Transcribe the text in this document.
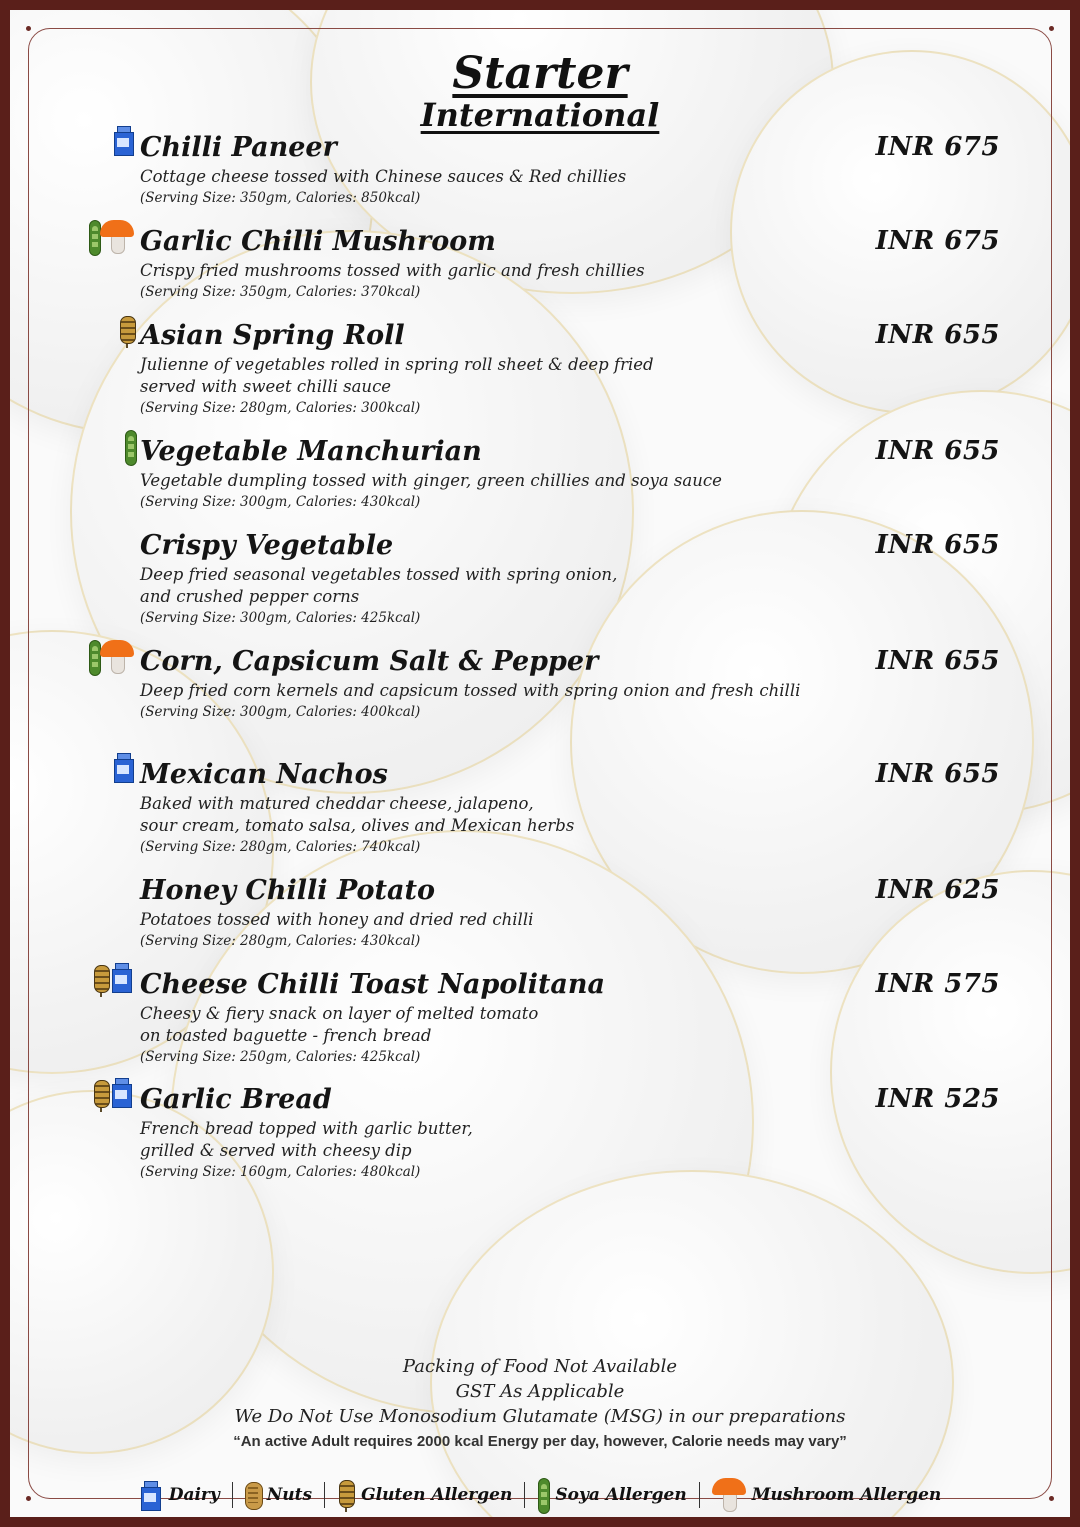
Starter
International
Chilli Paneer	INR 675
Cottage cheese tossed with Chinese sauces & Red chillies
(Serving Size: 350gm, Calories: 850kcal)
Garlic Chilli Mushroom	INR 675
Crispy fried mushrooms tossed with garlic and fresh chillies
(Serving Size: 350gm, Calories: 370kcal)
Asian Spring Roll	INR 655
Julienne of vegetables rolled in spring roll sheet & deep fried
served with sweet chilli sauce
(Serving Size: 280gm, Calories: 300kcal)
Vegetable Manchurian	INR 655
Vegetable dumpling tossed with ginger, green chillies and soya sauce
(Serving Size: 300gm, Calories: 430kcal)
Crispy Vegetable	INR 655
Deep fried seasonal vegetables tossed with spring onion,
and crushed pepper corns
(Serving Size: 300gm, Calories: 425kcal)
Corn, Capsicum Salt & Pepper	INR 655
Deep fried corn kernels and capsicum tossed with spring onion and fresh chilli
(Serving Size: 300gm, Calories: 400kcal)
Mexican Nachos	INR 655
Baked with matured cheddar cheese, jalapeno,
sour cream, tomato salsa, olives and Mexican herbs
(Serving Size: 280gm, Calories: 740kcal)
Honey Chilli Potato	INR 625
Potatoes tossed with honey and dried red chilli
(Serving Size: 280gm, Calories: 430kcal)
Cheese Chilli Toast Napolitana	INR 575
Cheesy & fiery snack on layer of melted tomato
on toasted baguette - french bread
(Serving Size: 250gm, Calories: 425kcal)
Garlic Bread	INR 525
French bread topped with garlic butter,
grilled & served with cheesy dip
(Serving Size: 160gm, Calories: 480kcal)
Packing of Food Not Available
GST As Applicable
We Do Not Use Monosodium Glutamate (MSG) in our preparations
“An active Adult requires 2000 kcal Energy per day, however, Calorie needs may vary”
Dairy	Nuts	Gluten Allergen	Soya Allergen	Mushroom Allergen
